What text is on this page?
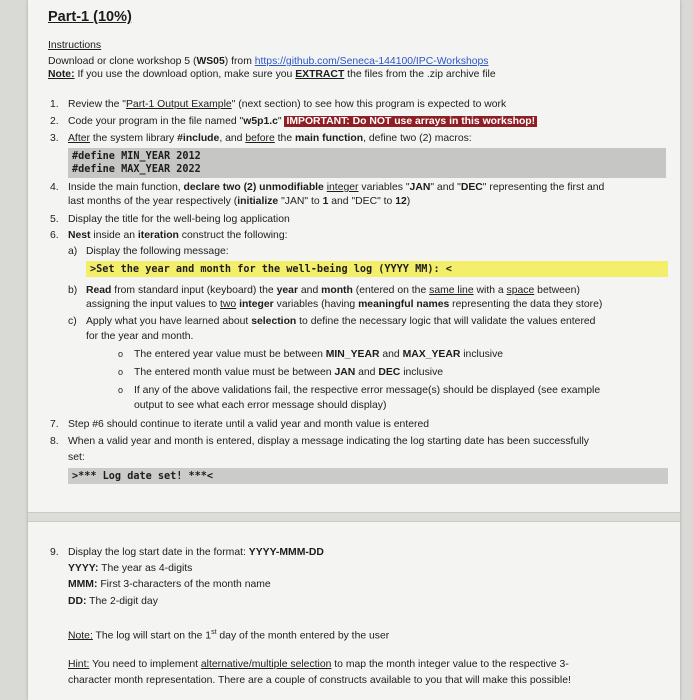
Part-1 (10%)
Instructions
Download or clone workshop 5 (WS05) from https://github.com/Seneca-144100/IPC-Workshops
Note: If you use the download option, make sure you EXTRACT the files from the .zip archive file
1. Review the "Part-1 Output Example" (next section) to see how this program is expected to work
2. Code your program in the file named "w5p1.c" IMPORTANT: Do NOT use arrays in this workshop!
3. After the system library #include, and before the main function, define two (2) macros:
#define MIN_YEAR 2012
#define MAX_YEAR 2022
4. Inside the main function, declare two (2) unmodifiable integer variables "JAN" and "DEC" representing the first and
last months of the year respectively (initialize "JAN" to 1 and "DEC" to 12)
5. Display the title for the well-being log application
6. Nest inside an iteration construct the following:
a) Display the following message:
>Set the year and month for the well-being log (YYYY MM): <
b) Read from standard input (keyboard) the year and month (entered on the same line with a space between)
assigning the input values to two integer variables (having meaningful names representing the data they store)
c) Apply what you have learned about selection to define the necessary logic that will validate the values entered
for the year and month.
o The entered year value must be between MIN_YEAR and MAX_YEAR inclusive
o The entered month value must be between JAN and DEC inclusive
o If any of the above validations fail, the respective error message(s) should be displayed (see example
output to see what each error message should display)
7. Step #6 should continue to iterate until a valid year and month value is entered
8. When a valid year and month is entered, display a message indicating the log starting date has been successfully
set:
>*** Log date set! ***<
9. Display the log start date in the format: YYYY-MMM-DD
YYYY: The year as 4-digits
MMM: First 3-characters of the month name
DD: The 2-digit day
Note: The log will start on the 1st day of the month entered by the user
Hint: You need to implement alternative/multiple selection to map the month integer value to the respective 3-
character month representation. There are a couple of constructs available to you that will make this possible!
